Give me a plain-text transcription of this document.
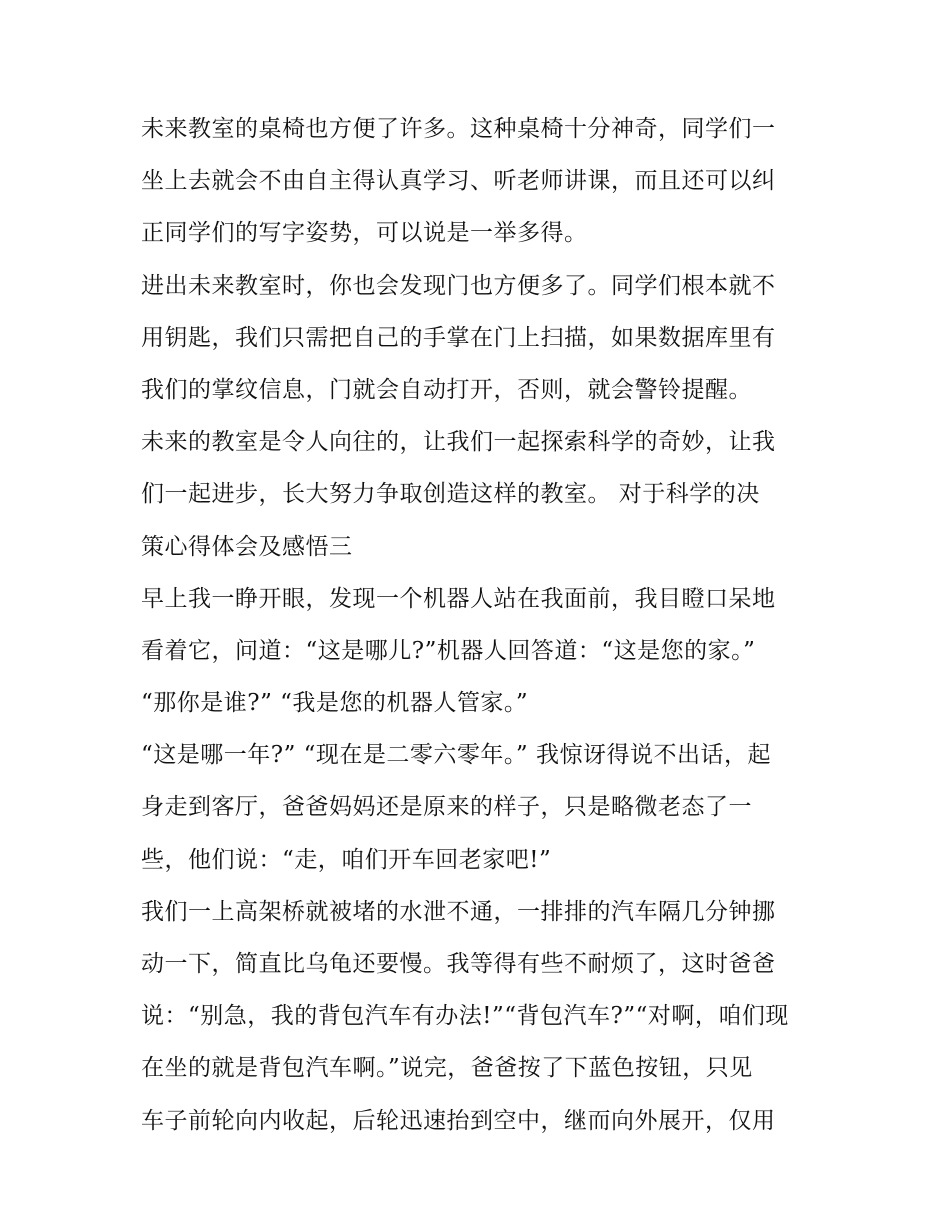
未来教室的桌椅也方便了许多。这种桌椅十分神奇，同学们一
坐上去就会不由自主得认真学习、听老师讲课，而且还可以纠
正同学们的写字姿势，可以说是一举多得。
进出未来教室时，你也会发现门也方便多了。同学们根本就不
用钥匙，我们只需把自己的手掌在门上扫描，如果数据库里有
我们的掌纹信息，门就会自动打开，否则，就会警铃提醒。
未来的教室是令人向往的，让我们一起探索科学的奇妙，让我
们一起进步，长大努力争取创造这样的教室。 对于科学的决
策心得体会及感悟三
早上我一睁开眼，发现一个机器人站在我面前，我目瞪口呆地
看着它，问道：“这是哪儿?”机器人回答道：“这是您的家。”
“那你是谁?” “我是您的机器人管家。”
“这是哪一年?” “现在是二零六零年。” 我惊讶得说不出话，起
身走到客厅，爸爸妈妈还是原来的样子，只是略微老态了一
些，他们说：“走，咱们开车回老家吧!”
我们一上高架桥就被堵的水泄不通，一排排的汽车隔几分钟挪
动一下，简直比乌龟还要慢。我等得有些不耐烦了，这时爸爸
说：“别急，我的背包汽车有办法!”“背包汽车?”“对啊，咱们现
在坐的就是背包汽车啊。”说完，爸爸按了下蓝色按钮，只见
车子前轮向内收起，后轮迅速抬到空中，继而向外展开，仅用
